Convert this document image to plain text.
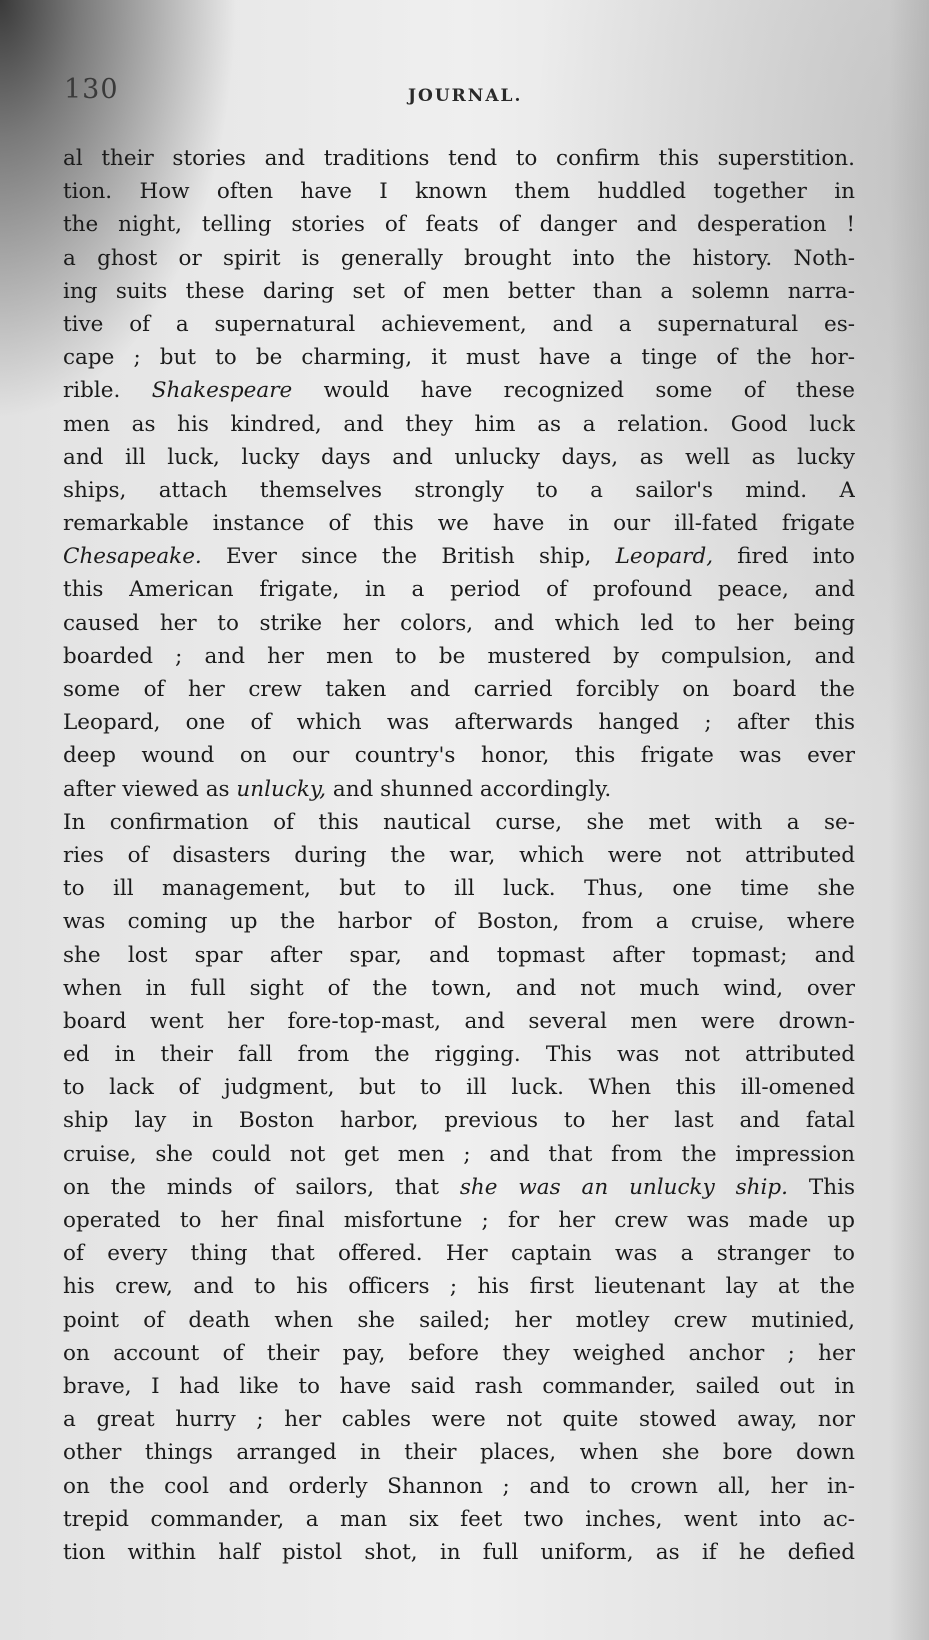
130	JOURNAL.
al their stories and traditions tend to confirm this superstition.
tion. How often have I known them huddled together in
the night, telling stories of feats of danger and desperation !
a ghost or spirit is generally brought into the history. Noth-
ing suits these daring set of men better than a solemn narra-
tive of a supernatural achievement, and a supernatural es-
cape ; but to be charming, it must have a tinge of the hor-
rible. Shakespeare would have recognized some of these
men as his kindred, and they him as a relation. Good luck
and ill luck, lucky days and unlucky days, as well as lucky
ships, attach themselves strongly to a sailor's mind. A
remarkable instance of this we have in our ill-fated frigate
Chesapeake. Ever since the British ship, Leopard, fired into
this American frigate, in a period of profound peace, and
caused her to strike her colors, and which led to her being
boarded ; and her men to be mustered by compulsion, and
some of her crew taken and carried forcibly on board the
Leopard, one of which was afterwards hanged ; after this
deep wound on our country's honor, this frigate was ever
after viewed as unlucky, and shunned accordingly.
In confirmation of this nautical curse, she met with a se-
ries of disasters during the war, which were not attributed
to ill management, but to ill luck. Thus, one time she
was coming up the harbor of Boston, from a cruise, where
she lost spar after spar, and topmast after topmast; and
when in full sight of the town, and not much wind, over
board went her fore-top-mast, and several men were drown-
ed in their fall from the rigging. This was not attributed
to lack of judgment, but to ill luck. When this ill-omened
ship lay in Boston harbor, previous to her last and fatal
cruise, she could not get men ; and that from the impression
on the minds of sailors, that she was an unlucky ship. This
operated to her final misfortune ; for her crew was made up
of every thing that offered. Her captain was a stranger to
his crew, and to his officers ; his first lieutenant lay at the
point of death when she sailed; her motley crew mutinied,
on account of their pay, before they weighed anchor ; her
brave, I had like to have said rash commander, sailed out in
a great hurry ; her cables were not quite stowed away, nor
other things arranged in their places, when she bore down
on the cool and orderly Shannon ; and to crown all, her in-
trepid commander, a man six feet two inches, went into ac-
tion within half pistol shot, in full uniform, as if he defied
